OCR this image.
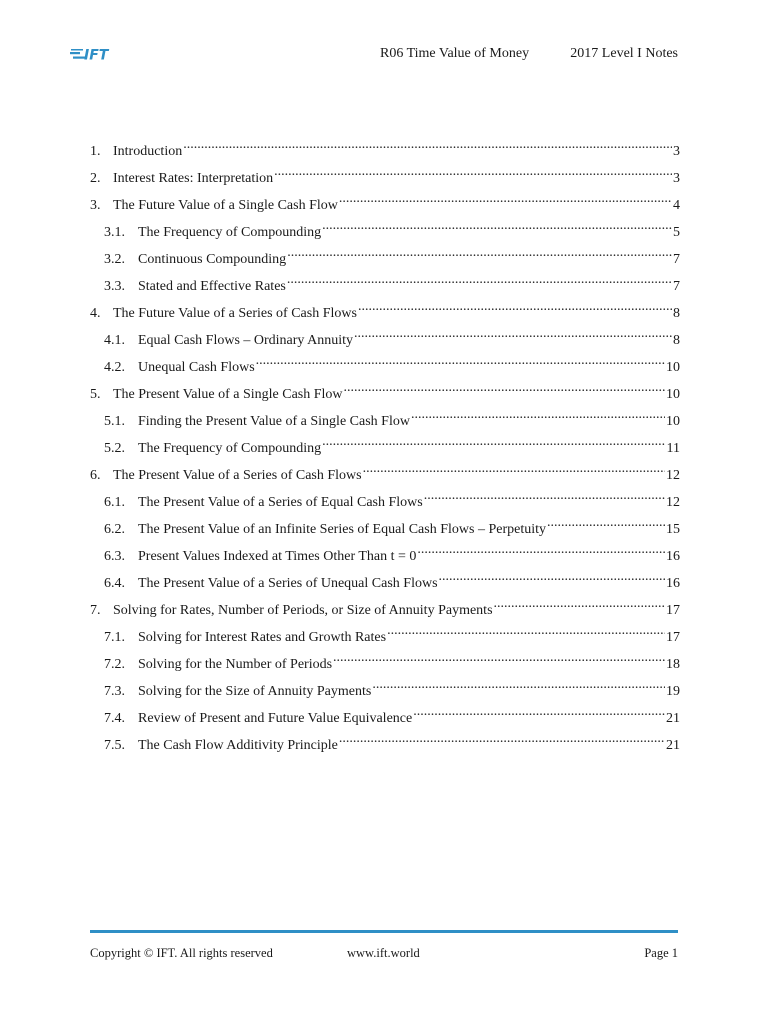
IFT	R06 Time Value of Money	2017 Level I Notes
1. Introduction .....	3
2. Interest Rates: Interpretation .....	3
3. The Future Value of a Single Cash Flow .....	4
3.1. The Frequency of Compounding .....	5
3.2. Continuous Compounding .....	7
3.3. Stated and Effective Rates .....	7
4. The Future Value of a Series of Cash Flows .....	8
4.1. Equal Cash Flows – Ordinary Annuity .....	8
4.2. Unequal Cash Flows .....	10
5. The Present Value of a Single Cash Flow .....	10
5.1. Finding the Present Value of a Single Cash Flow .....	10
5.2. The Frequency of Compounding .....	11
6. The Present Value of a Series of Cash Flows .....	12
6.1. The Present Value of a Series of Equal Cash Flows .....	12
6.2. The Present Value of an Infinite Series of Equal Cash Flows – Perpetuity .....	15
6.3. Present Values Indexed at Times Other Than t = 0 .....	16
6.4. The Present Value of a Series of Unequal Cash Flows .....	16
7. Solving for Rates, Number of Periods, or Size of Annuity Payments .....	17
7.1. Solving for Interest Rates and Growth Rates .....	17
7.2. Solving for the Number of Periods .....	18
7.3. Solving for the Size of Annuity Payments .....	19
7.4. Review of Present and Future Value Equivalence .....	21
7.5. The Cash Flow Additivity Principle .....	21
Copyright © IFT. All rights reserved	www.ift.world	Page 1
